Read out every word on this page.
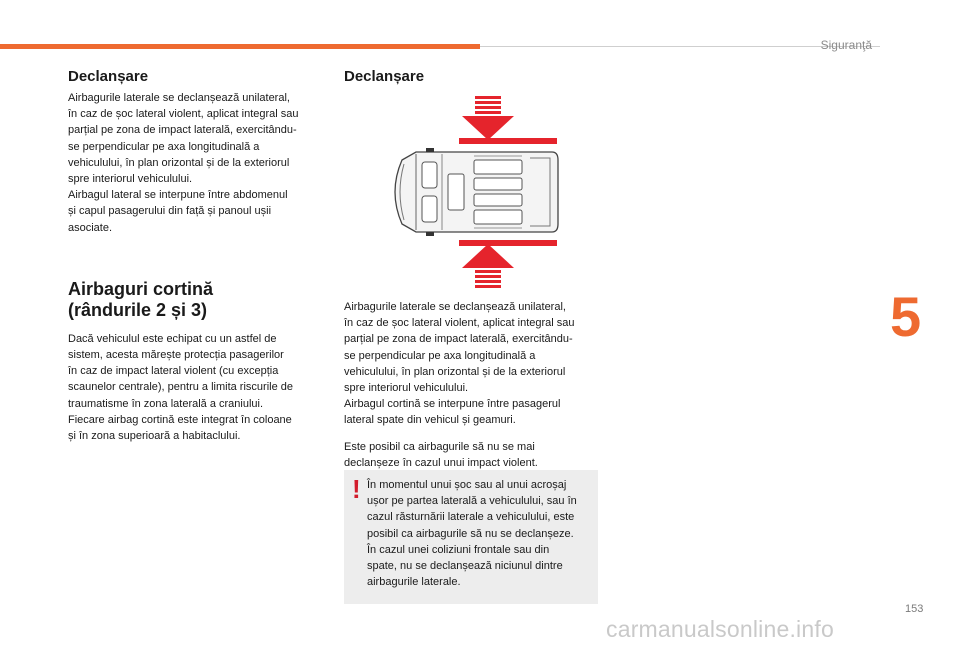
Siguranţă
5
Declanșare

Airbagurile laterale se declanșează unilateral,
în caz de șoc lateral violent, aplicat integral sau
parțial pe zona de impact laterală, exercitându-
se perpendicular pe axa longitudinală a
vehiculului, în plan orizontal și de la exteriorul
spre interiorul vehiculului.
Airbagul lateral se interpune între abdomenul
și capul pasagerului din față și panoul ușii
asociate.

Airbaguri cortină
(rândurile 2 și 3)

Dacă vehiculul este echipat cu un astfel de
sistem, acesta mărește protecția pasagerilor
în caz de impact lateral violent (cu excepția
scaunelor centrale), pentru a limita riscurile de
traumatisme în zona laterală a craniului.
Fiecare airbag cortină este integrat în coloane
și în zona superioară a habitaclului.

Declanșare

Airbagurile laterale se declanșează unilateral,
în caz de șoc lateral violent, aplicat integral sau
parțial pe zona de impact laterală, exercitându-
se perpendicular pe axa longitudinală a
vehiculului, în plan orizontal și de la exteriorul
spre interiorul vehiculului.
Airbagul cortină se interpune între pasagerul
lateral spate din vehicul și geamuri.

Este posibil ca airbagurile să nu se mai
declanșeze în cazul unui impact violent.

! În momentul unui șoc sau al unui acroșaj
ușor pe partea laterală a vehiculului, sau în
cazul răsturnării laterale a vehiculului, este
posibil ca airbagurile să nu se declanșeze.
În cazul unei coliziuni frontale sau din
spate, nu se declanșează niciunul dintre
airbagurile laterale.

153
carmanualsonline.info
